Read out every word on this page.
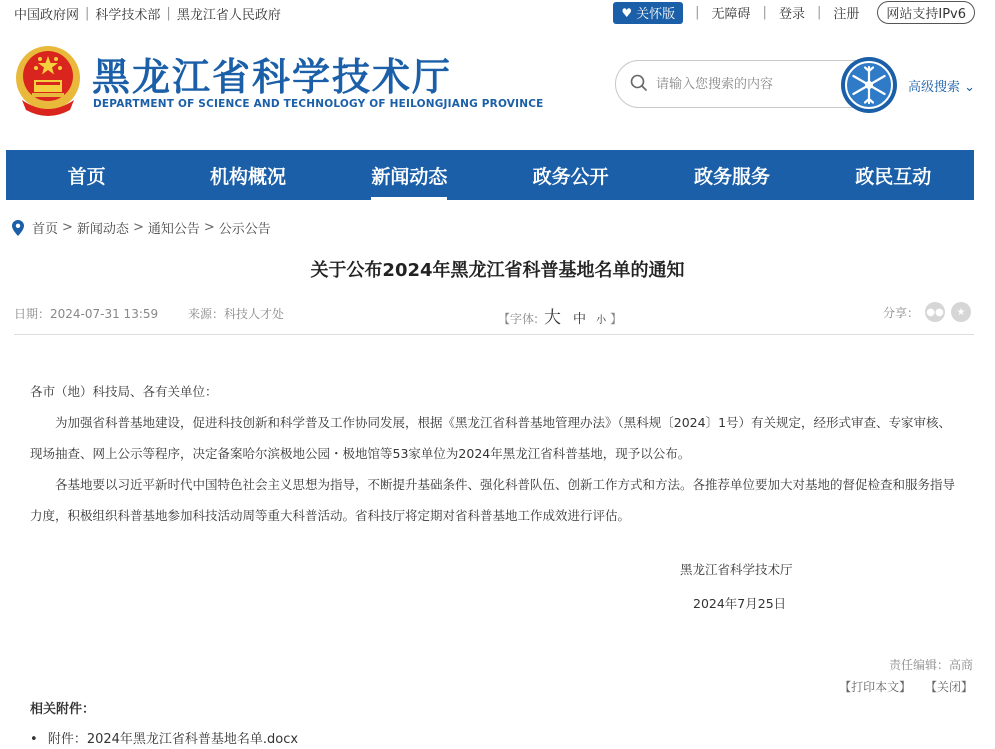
中国政府网 | 科学技术部 | 黑龙江省人民政府	♥ 关怀版 | 无障碍 | 登录 | 注册	网站支持IPv6
黑龙江省科学技术厅
DEPARTMENT OF SCIENCE AND TECHNOLOGY OF HEILONGJIANG PROVINCE
请输入您搜索的内容
高级搜索 ⌄
首页	机构概况	新闻动态	政务公开	政务服务	政民互动
首页 > 新闻动态 > 通知公告 > 公示公告
关于公布2024年黑龙江省科普基地名单的通知
日期：2024-07-31 13:59 来源：科技人才处	【字体: 大 中 小 】	分享： ●●	★

各市（地）科技局、各有关单位：

为加强省科普基地建设，促进科技创新和科学普及工作协同发展，根据《黑龙江省科普基地管理办法》（黑科规〔2024〕1号）有关规定，经形式审查、专家审核、现场抽查、网上公示等程序，决定备案哈尔滨极地公园・极地馆等53家单位为2024年黑龙江省科普基地，现予以公布。

各基地要以习近平新时代中国特色社会主义思想为指导，不断提升基础条件、强化科普队伍、创新工作方式和方法。各推荐单位要加大对基地的督促检查和服务指导力度，积极组织科普基地参加科技活动周等重大科普活动。省科技厅将定期对省科普基地工作成效进行评估。

黑龙江省科学技术厅
2024年7月25日
责任编辑：高商
【打印本文】 【关闭】
相关附件：
• 附件：2024年黑龙江省科普基地名单.docx
